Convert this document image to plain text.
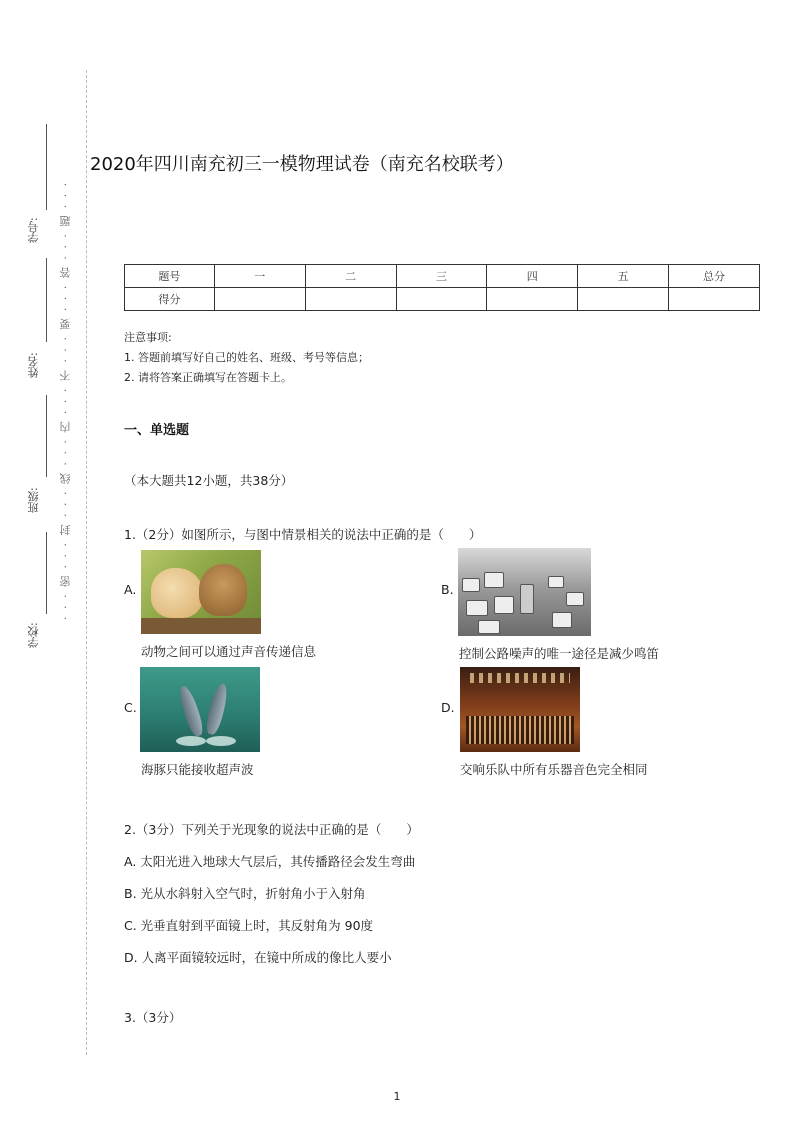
学号:
姓名:
班级:
学校:
· · · 密 · · · 封 · · · 线 · · · 内 · · · 不 · · · 要 · · · 答 · · · 题 · · ·
2020年四川南充初三一模物理试卷（南充名校联考）
题号	一	二	三	四	五	总分
得分						
注意事项:
1. 答题前填写好自己的姓名、班级、考号等信息；
2. 请将答案正确填写在答题卡上。
一、单选题
（本大题共12小题，共38分）
1.（2分）如图所示，与图中情景相关的说法中正确的是（　　）
A.
动物之间可以通过声音传递信息
B.
控制公路噪声的唯一途径是减少鸣笛
C.
海豚只能接收超声波
D.
交响乐队中所有乐器音色完全相同
2.（3分）下列关于光现象的说法中正确的是（　　）
A. 太阳光进入地球大气层后，其传播路径会发生弯曲
B. 光从水斜射入空气时，折射角小于入射角
C. 光垂直射到平面镜上时，其反射角为 90度
D. 人离平面镜较远时，在镜中所成的像比人要小
3.（3分）
1
